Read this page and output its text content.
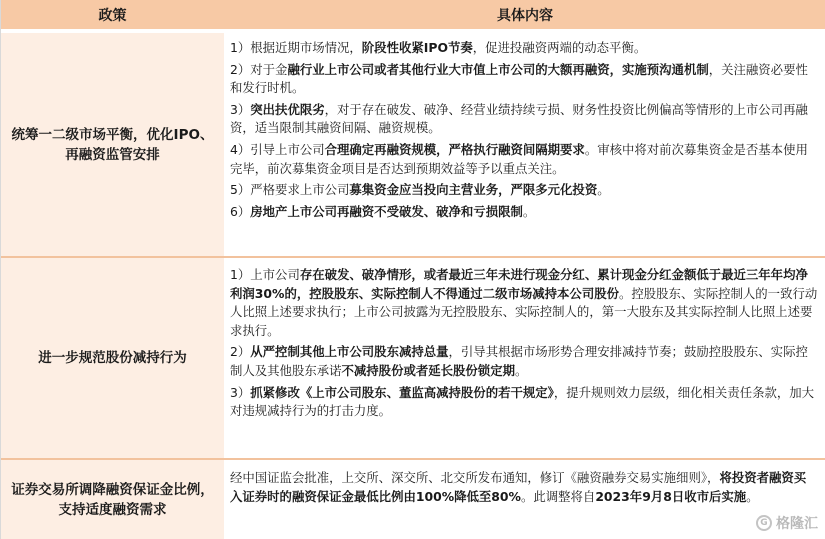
政策	具体内容
统筹一二级市场平衡，优化IPO、再融资监管安排

1）根据近期市场情况，阶段性收紧IPO节奏，促进投融资两端的动态平衡。

2）对于金融行业上市公司或者其他行业大市值上市公司的大额再融资，实施预沟通机制，关注融资必要性和发行时机。

3）突出扶优限劣，对于存在破发、破净、经营业绩持续亏损、财务性投资比例偏高等情形的上市公司再融资，适当限制其融资间隔、融资规模。

4）引导上市公司合理确定再融资规模，严格执行融资间隔期要求。审核中将对前次募集资金是否基本使用完毕，前次募集资金项目是否达到预期效益等予以重点关注。

5）严格要求上市公司募集资金应当投向主营业务，严限多元化投资。

6）房地产上市公司再融资不受破发、破净和亏损限制。

进一步规范股份减持行为

1）上市公司存在破发、破净情形，或者最近三年未进行现金分红、累计现金分红金额低于最近三年年均净利润30%的，控股股东、实际控制人不得通过二级市场减持本公司股份。控股股东、实际控制人的一致行动人比照上述要求执行；上市公司披露为无控股股东、实际控制人的，第一大股东及其实际控制人比照上述要求执行。

2）从严控制其他上市公司股东减持总量，引导其根据市场形势合理安排减持节奏；鼓励控股股东、实际控制人及其他股东承诺不减持股份或者延长股份锁定期。

3）抓紧修改《上市公司股东、董监高减持股份的若干规定》，提升规则效力层级，细化相关责任条款，加大对违规减持行为的打击力度。

证券交易所调降融资保证金比例，支持适度融资需求

经中国证监会批准，上交所、深交所、北交所发布通知，修订《融资融券交易实施细则》，将投资者融资买入证券时的融资保证金最低比例由100%降低至80%。此调整将自2023年9月8日收市后实施。

G 格隆汇
